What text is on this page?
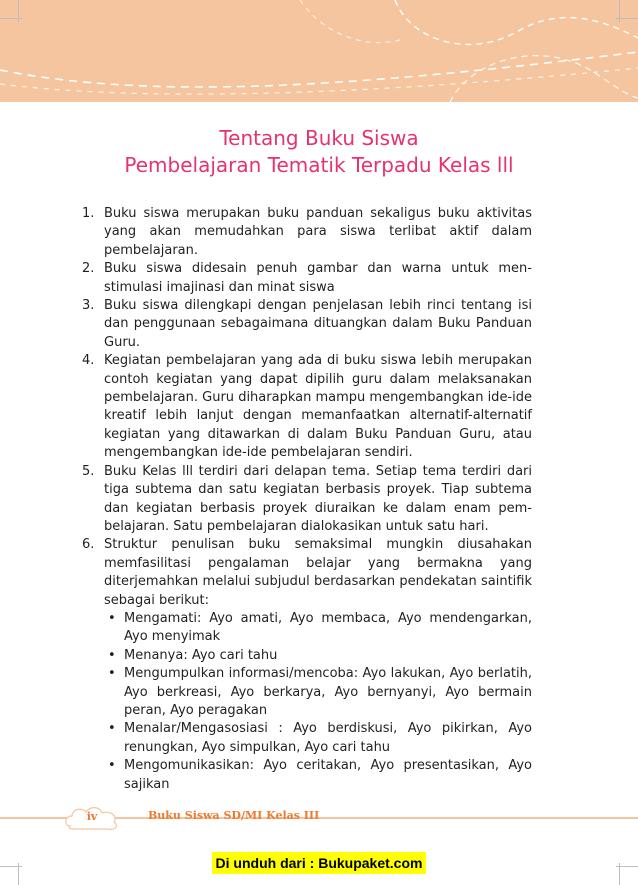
Tentang Buku Siswa
Pembelajaran Tematik Terpadu Kelas lll
1. Buku siswa merupakan buku panduan sekaligus buku aktivitas yang akan memudahkan para siswa terlibat aktif dalam pembelajaran.
2. Buku siswa didesain penuh gambar dan warna untuk men-stimulasi imajinasi dan minat siswa
3. Buku siswa dilengkapi dengan penjelasan lebih rinci tentang isi dan penggunaan sebagaimana dituangkan dalam Buku Panduan Guru.
4. Kegiatan pembelajaran yang ada di buku siswa lebih merupakan contoh kegiatan yang dapat dipilih guru dalam melaksanakan pembelajaran. Guru diharapkan mampu mengembangkan ide-ide kreatif lebih lanjut dengan memanfaatkan alternatif-alternatif kegiatan yang ditawarkan di dalam Buku Panduan Guru, atau mengembangkan ide-ide pembelajaran sendiri.
5. Buku Kelas lll terdiri dari delapan tema. Setiap tema terdiri dari tiga subtema dan satu kegiatan berbasis proyek. Tiap subtema dan kegiatan berbasis proyek diuraikan ke dalam enam pem-belajaran. Satu pembelajaran dialokasikan untuk satu hari.
6. Struktur penulisan buku semaksimal mungkin diusahakan memfasilitasi pengalaman belajar yang bermakna yang diterjemahkan melalui subjudul berdasarkan pendekatan saintifik sebagai berikut:
• Mengamati: Ayo amati, Ayo membaca, Ayo mendengarkan, Ayo menyimak
• Menanya: Ayo cari tahu
• Mengumpulkan informasi/mencoba: Ayo lakukan, Ayo berlatih, Ayo berkreasi, Ayo berkarya, Ayo bernyanyi, Ayo bermain peran, Ayo peragakan
• Menalar/Mengasosiasi : Ayo berdiskusi, Ayo pikirkan, Ayo renungkan, Ayo simpulkan, Ayo cari tahu
• Mengomunikasikan: Ayo ceritakan, Ayo presentasikan, Ayo sajikan
iv	Buku Siswa SD/MI Kelas III
Di unduh dari : Bukupaket.com
